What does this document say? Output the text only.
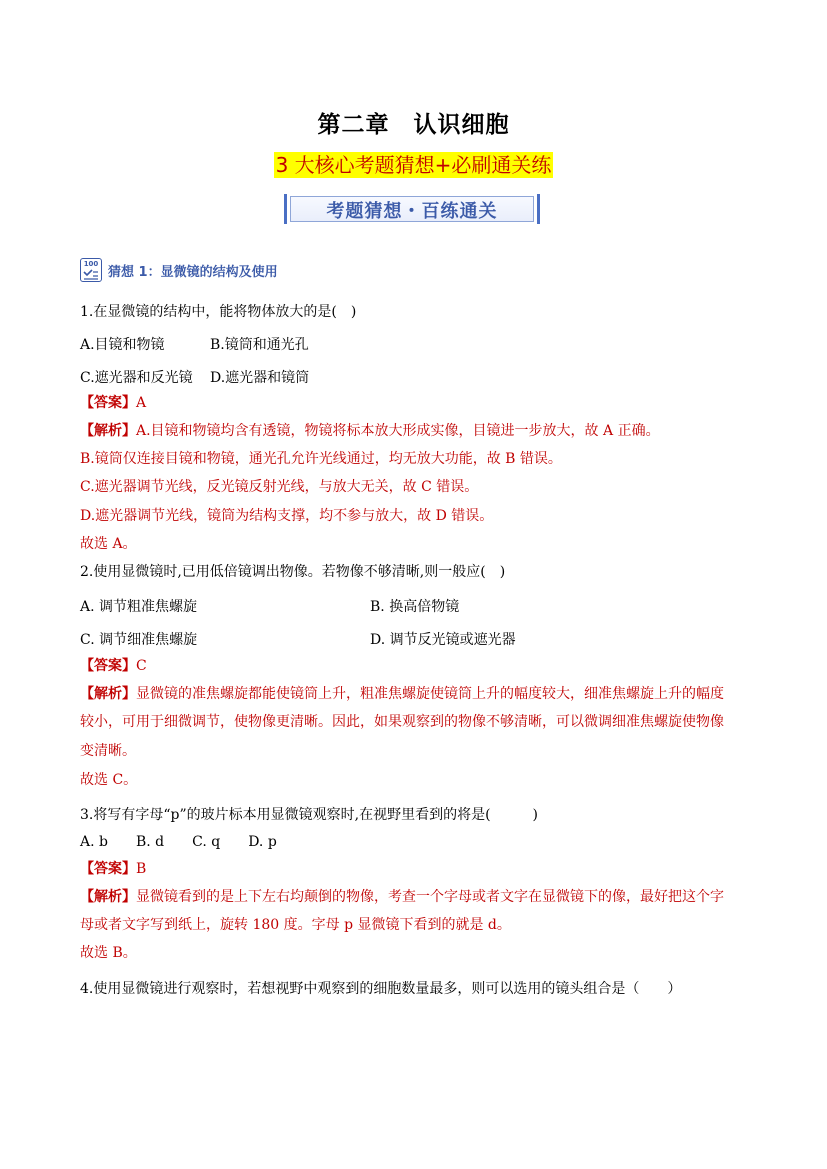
第二章　认识细胞
3 大核心考题猜想+必刷通关练
考题猜想・百练通关
100
猜想 1：显微镜的结构及使用
1.在显微镜的结构中，能将物体放大的是(　)
A.目镜和物镜	B.镜筒和通光孔
C.遮光器和反光镜 D.遮光器和镜筒
【答案】A
【解析】A.目镜和物镜均含有透镜，物镜将标本放大形成实像，目镜进一步放大，故 A 正确。
B.镜筒仅连接目镜和物镜，通光孔允许光线通过，均无放大功能，故 B 错误。
C.遮光器调节光线，反光镜反射光线，与放大无关，故 C 错误。
D.遮光器调节光线，镜筒为结构支撑，均不参与放大，故 D 错误。
故选 A。
2.使用显微镜时,已用低倍镜调出物像。若物像不够清晰,则一般应(　)
A. 调节粗准焦螺旋	B. 换高倍物镜
C. 调节细准焦螺旋	D. 调节反光镜或遮光器
【答案】C
【解析】显微镜的准焦螺旋都能使镜筒上升，粗准焦螺旋使镜筒上升的幅度较大，细准焦螺旋上升的幅度
较小，可用于细微调节，使物像更清晰。因此，如果观察到的物像不够清晰，可以微调细准焦螺旋使物像
变清晰。
故选 C。
3.将写有字母“p”的玻片标本用显微镜观察时,在视野里看到的将是(　　　)
A. b　　B. d　　C. q　　D. p
【答案】B
【解析】显微镜看到的是上下左右均颠倒的物像，考查一个字母或者文字在显微镜下的像，最好把这个字
母或者文字写到纸上，旋转 180 度。字母 p 显微镜下看到的就是 d。
故选 B。
4.使用显微镜进行观察时，若想视野中观察到的细胞数量最多，则可以选用的镜头组合是（　　）
